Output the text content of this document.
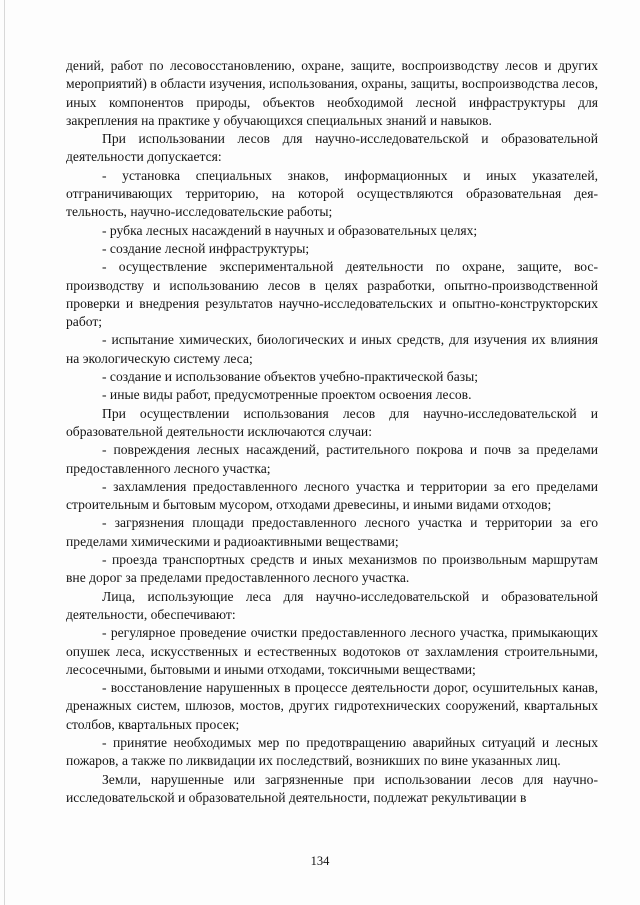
дений, работ по лесовосстановлению, охране, защите, воспроизводству лесов и других мероприятий) в области изучения, использования, охраны, защиты, воспроизводства лесов, иных компонентов природы, объектов необходимой лесной инфраструктуры для закрепления на практике у обучающихся специальных знаний и навыков.

При использовании лесов для научно-исследовательской и образовательной деятельности допускается:

- установка специальных знаков, информационных и иных указателей, отграничивающих территорию, на которой осуществляются образовательная дея-тельность, научно-исследовательские работы;

- рубка лесных насаждений в научных и образовательных целях;

- создание лесной инфраструктуры;

- осуществление экспериментальной деятельности по охране, защите, вос-производству и использованию лесов в целях разработки, опытно-производственной проверки и внедрения результатов научно-исследовательских и опытно-конструкторских работ;

- испытание химических, биологических и иных средств, для изучения их влияния на экологическую систему леса;

- создание и использование объектов учебно-практической базы;

- иные виды работ, предусмотренные проектом освоения лесов.

При осуществлении использования лесов для научно-исследовательской и образовательной деятельности исключаются случаи:

- повреждения лесных насаждений, растительного покрова и почв за пределами предоставленного лесного участка;

- захламления предоставленного лесного участка и территории за его пределами строительным и бытовым мусором, отходами древесины, и иными видами отходов;

- загрязнения площади предоставленного лесного участка и территории за его пределами химическими и радиоактивными веществами;

- проезда транспортных средств и иных механизмов по произвольным маршрутам вне дорог за пределами предоставленного лесного участка.

Лица, использующие леса для научно-исследовательской и образовательной деятельности, обеспечивают:

- регулярное проведение очистки предоставленного лесного участка, примыкающих опушек леса, искусственных и естественных водотоков от захламления строительными, лесосечными, бытовыми и иными отходами, токсичными веществами;

- восстановление нарушенных в процессе деятельности дорог, осушительных канав, дренажных систем, шлюзов, мостов, других гидротехнических сооружений, квартальных столбов, квартальных просек;

- принятие необходимых мер по предотвращению аварийных ситуаций и лесных пожаров, а также по ликвидации их последствий, возникших по вине указанных лиц.

Земли, нарушенные или загрязненные при использовании лесов для научно-исследовательской и образовательной деятельности, подлежат рекультивации в

134
